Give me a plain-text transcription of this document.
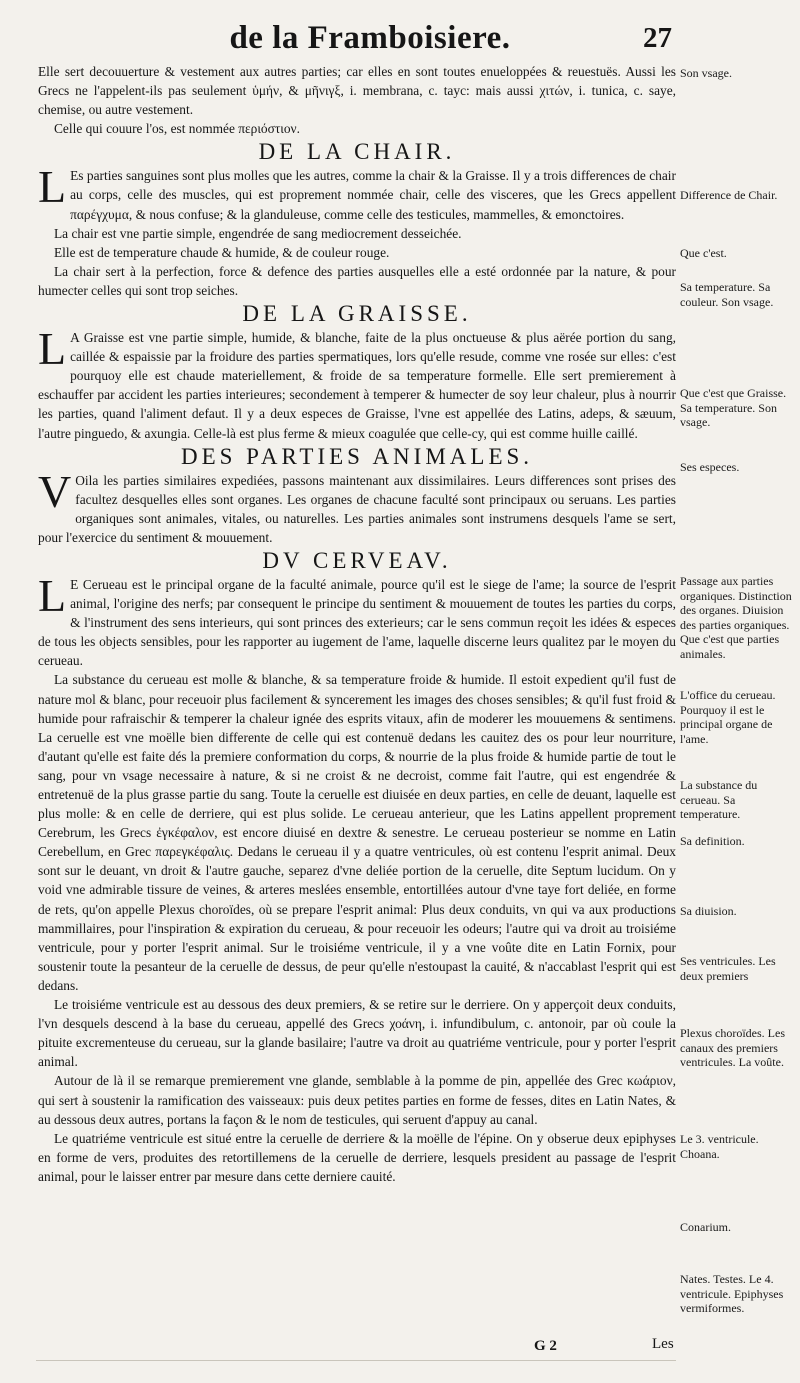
de la Framboisiere.	27

Elle sert decouuerture & vestement aux autres parties; car elles en sont toutes enueloppées & reuestuës. Aussi les Grecs ne l'appelent-ils pas seulement ὑμήν, & μῆνιγξ, i. membrana, c. tayc: mais aussi χιτών, i. tunica, c. saye, chemise, ou autre vestement.

Celle qui couure l'os, est nommée περιόστιον.

DE LA CHAIR.

L Es parties sanguines sont plus molles que les autres, comme la chair & la Graisse. Il y a trois differences de chair au corps, celle des muscles, qui est proprement nommée chair, celle des visceres, que les Grecs appellent παρέγχυμα, & nous confuse; & la glanduleuse, comme celle des testicules, mammelles, & emonctoires.

La chair est vne partie simple, engendrée de sang mediocrement desseichée.

Elle est de temperature chaude & humide, & de couleur rouge.

La chair sert à la perfection, force & defence des parties ausquelles elle a esté ordonnée par la nature, & pour humecter celles qui sont trop seiches.

DE LA GRAISSE.

L A Graisse est vne partie simple, humide, & blanche, faite de la plus onctueuse & plus aërée portion du sang, caillée & espaissie par la froidure des parties spermatiques, lors qu'elle resude, comme vne rosée sur elles: c'est pourquoy elle est chaude materiellement, & froide de sa temperature formelle. Elle sert premierement à eschauffer par accident les parties interieures; secondement à temperer & humecter de soy leur chaleur, plus à nourrir les parties, quand l'aliment defaut. Il y a deux especes de Graisse, l'vne est appellée des Latins, adeps, & sæuum, l'autre pinguedo, & axungia. Celle-là est plus ferme & mieux coagulée que celle-cy, qui est comme huille caillé.

DES PARTIES ANIMALES.

V Oila les parties similaires expediées, passons maintenant aux dissimilaires. Leurs differences sont prises des facultez desquelles elles sont organes. Les organes de chacune faculté sont principaux ou seruans. Les parties organiques sont animales, vitales, ou naturelles. Les parties animales sont instrumens desquels l'ame se sert, pour l'exercice du sentiment & mouuement.

DV CERVEAV.

L E Cerueau est le principal organe de la faculté animale, pource qu'il est le siege de l'ame; la source de l'esprit animal, l'origine des nerfs; par consequent le principe du sentiment & mouuement de toutes les parties du corps, & l'instrument des sens interieurs, qui sont princes des exterieurs; car le sens commun reçoit les idées & especes de tous les objects sensibles, pour les rapporter au iugement de l'ame, laquelle discerne leurs qualitez par le moyen du cerueau.

La substance du cerueau est molle & blanche, & sa temperature froide & humide. Il estoit expedient qu'il fust de nature mol & blanc, pour receuoir plus facilement & syncerement les images des choses sensibles; & qu'il fust froid & humide pour rafraischir & temperer la chaleur ignée des esprits vitaux, afin de moderer les mouuemens & sentimens. La ceruelle est vne moëlle bien differente de celle qui est contenuë dedans les cauitez des os pour leur nourriture, d'autant qu'elle est faite dés la premiere conformation du corps, & nourrie de la plus froide & humide partie de tout le sang, pour vn vsage necessaire à nature, & si ne croist & ne decroist, comme fait l'autre, qui est engendrée & entretenuë de la plus grasse partie du sang. Toute la ceruelle est diuisée en deux parties, en celle de deuant, laquelle est plus molle: & en celle de derriere, qui est plus solide. Le cerueau anterieur, que les Latins appellent proprement Cerebrum, les Grecs ἐγκέφαλον, est encore diuisé en dextre & senestre. Le cerueau posterieur se nomme en Latin Cerebellum, en Grec παρεγκέφαλις. Dedans le cerueau il y a quatre ventricules, où est contenu l'esprit animal. Deux sont sur le deuant, vn droit & l'autre gauche, separez d'vne deliée portion de la ceruelle, dite Septum lucidum. On y void vne admirable tissure de veines, & arteres meslées ensemble, entortillées autour d'vne taye fort deliée, en forme de rets, qu'on appelle Plexus choroïdes, où se prepare l'esprit animal: Plus deux conduits, vn qui va aux productions mammillaires, pour l'inspiration & expiration du cerueau, & pour receuoir les odeurs; l'autre qui va droit au troisiéme ventricule, pour y porter l'esprit animal. Sur le troisiéme ventricule, il y a vne voûte dite en Latin Fornix, pour soustenir toute la pesanteur de la ceruelle de dessus, de peur qu'elle n'estoupast la cauité, & n'accablast l'esprit qui est dedans.

Le troisiéme ventricule est au dessous des deux premiers, & se retire sur le derriere. On y apperçoit deux conduits, l'vn desquels descend à la base du cerueau, appellé des Grecs χοάνη, i. infundibulum, c. antonoir, par où coule la pituite excrementeuse du cerueau, sur la glande basilaire; l'autre va droit au quatriéme ventricule, pour y porter l'esprit animal.

Autour de là il se remarque premierement vne glande, semblable à la pomme de pin, appellée des Grec κωάριον, qui sert à soustenir la ramification des vaisseaux: puis deux petites parties en forme de fesses, dites en Latin Nates, & au dessous deux autres, portans la façon & le nom de testicules, qui seruent d'appuy au canal.

Le quatriéme ventricule est situé entre la ceruelle de derriere & la moëlle de l'épine. On y obserue deux epiphyses en forme de vers, produites des retortillemens de la ceruelle de derriere, lesquels president au passage de l'esprit animal, pour le laisser entrer par mesure dans cette derniere cauité.

Son vsage.
Difference de Chair.
Que c'est.
Sa temperature. Sa couleur. Son vsage.
Que c'est que Graisse. Sa temperature. Son vsage.
Ses especes.
Passage aux parties organiques. Distinction des organes. Diuision des parties organiques. Que c'est que parties animales.
L'office du cerueau. Pourquoy il est le principal organe de l'ame.
La substance du cerueau. Sa temperature.
Sa definition.
Sa diuision.
Ses ventricules. Les deux premiers
Plexus choroïdes. Les canaux des premiers ventricules. La voûte.
Le 3. ventricule. Choana.
Conarium.
Nates. Testes. Le 4. ventricule. Epiphyses vermiformes.
G 2	Les
